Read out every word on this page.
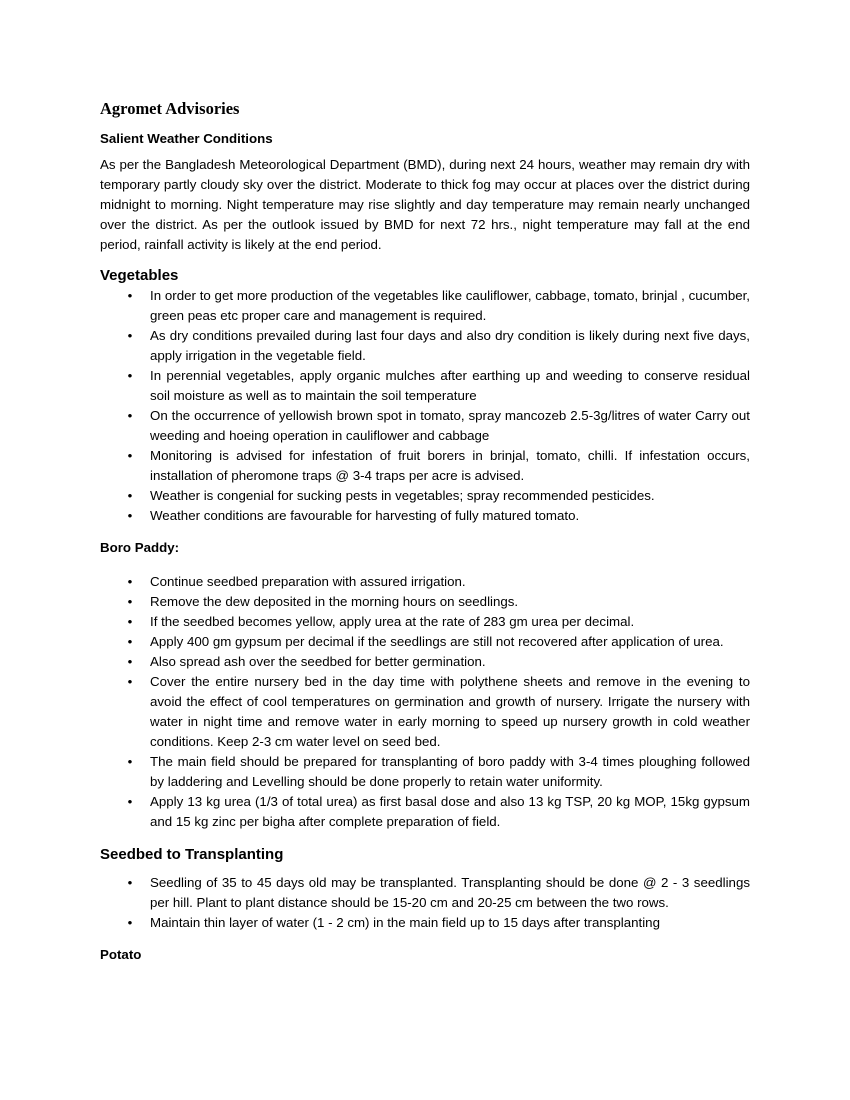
Agromet Advisories
Salient Weather Conditions

As per the Bangladesh Meteorological Department (BMD), during next 24 hours, weather may remain dry with temporary partly cloudy sky over the district. Moderate to thick fog may occur at places over the district during midnight to morning. Night temperature may rise slightly and day temperature may remain nearly unchanged over the district. As per the outlook issued by BMD for next 72 hrs., night temperature may fall at the end period, rainfall activity is likely at the end period.

Vegetables
• In order to get more production of the vegetables like cauliflower, cabbage, tomato, brinjal , cucumber, green peas etc proper care and management is required.
• As dry conditions prevailed during last four days and also dry condition is likely during next five days, apply irrigation in the vegetable field.
• In perennial vegetables, apply organic mulches after earthing up and weeding to conserve residual soil moisture as well as to maintain the soil temperature
• On the occurrence of yellowish brown spot in tomato, spray mancozeb 2.5-3g/litres of water Carry out weeding and hoeing operation in cauliflower and cabbage
• Monitoring is advised for infestation of fruit borers in brinjal, tomato, chilli. If infestation occurs, installation of pheromone traps @ 3-4 traps per acre is advised.
• Weather is congenial for sucking pests in vegetables; spray recommended pesticides.
• Weather conditions are favourable for harvesting of fully matured tomato.
Boro Paddy:
• Continue seedbed preparation with assured irrigation.
• Remove the dew deposited in the morning hours on seedlings.
• If the seedbed becomes yellow, apply urea at the rate of 283 gm urea per decimal.
• Apply 400 gm gypsum per decimal if the seedlings are still not recovered after application of urea.
• Also spread ash over the seedbed for better germination.
• Cover the entire nursery bed in the day time with polythene sheets and remove in the evening to avoid the effect of cool temperatures on germination and growth of nursery. Irrigate the nursery with water in night time and remove water in early morning to speed up nursery growth in cold weather conditions. Keep 2-3 cm water level on seed bed.
• The main field should be prepared for transplanting of boro paddy with 3-4 times ploughing followed by laddering and Levelling should be done properly to retain water uniformity.
• Apply 13 kg urea (1/3 of total urea) as first basal dose and also 13 kg TSP, 20 kg MOP, 15kg gypsum and 15 kg zinc per bigha after complete preparation of field.
Seedbed to Transplanting
• Seedling of 35 to 45 days old may be transplanted. Transplanting should be done @ 2 - 3 seedlings per hill. Plant to plant distance should be 15-20 cm and 20-25 cm between the two rows.
• Maintain thin layer of water (1 - 2 cm) in the main field up to 15 days after transplanting
Potato
